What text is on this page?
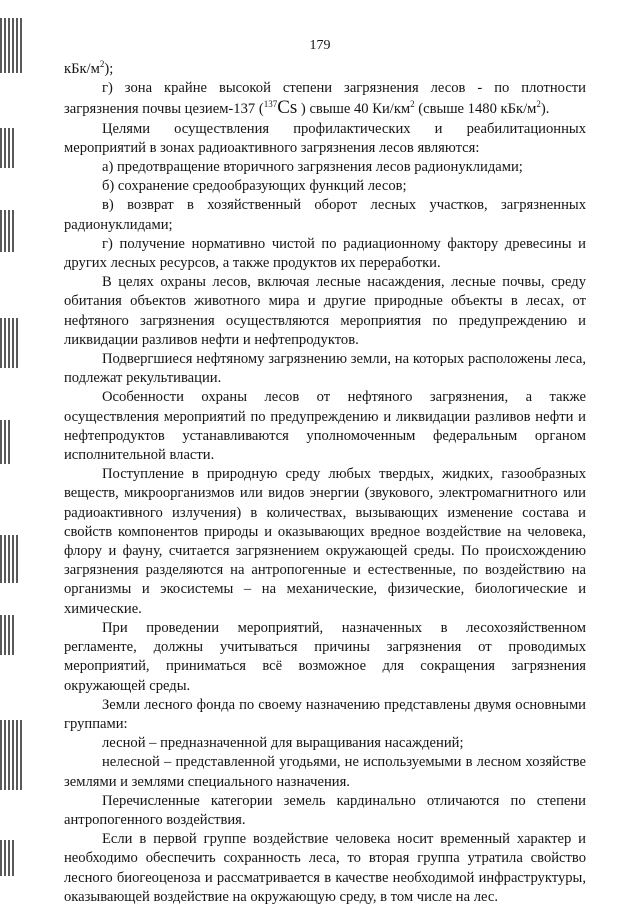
179

кБк/$м^2$);

г) зона крайне высокой степени загрязнения лесов - по плотности загрязнения почвы цезием-137 ($^{137}$Cs ) свыше 40 $Ки/км^2$ (свыше 1480 кБк/$м^2$).

Целями осуществления профилактических и реабилитационных мероприятий в зонах радиоактивного загрязнения лесов являются:

а) предотвращение вторичного загрязнения лесов радионуклидами;

б) сохранение средообразующих функций лесов;

в) возврат в хозяйственный оборот лесных участков, загрязненных радионуклидами;

г) получение нормативно чистой по радиационному фактору древесины и других лесных ресурсов, а также продуктов их переработки.

В целях охраны лесов, включая лесные насаждения, лесные почвы, среду обитания объектов животного мира и другие природные объекты в лесах, от нефтяного загрязнения осуществляются мероприятия по предупреждению и ликвидации разливов нефти и нефтепродуктов.

Подвергшиеся нефтяному загрязнению земли, на которых расположены леса, подлежат рекультивации.

Особенности охраны лесов от нефтяного загрязнения, а также осуществления мероприятий по предупреждению и ликвидации разливов нефти и нефтепродуктов устанавливаются уполномоченным федеральным органом исполнительной власти.

Поступление в природную среду любых твердых, жидких, газообразных веществ, микроорганизмов или видов энергии (звукового, электромагнитного или радиоактивного излучения) в количествах, вызывающих изменение состава и свойств компонентов природы и оказывающих вредное воздействие на человека, флору и фауну, считается загрязнением окружающей среды. По происхождению загрязнения разделяются на антропогенные и естественные, по воздействию на организмы и экосистемы – на механические, физические, биологические и химические.

При проведении мероприятий, назначенных в лесохозяйственном регламенте, должны учитываться причины загрязнения от проводимых мероприятий, приниматься всё возможное для сокращения загрязнения окружающей среды.

Земли лесного фонда по своему назначению представлены двумя основными группами:

лесной – предназначенной для выращивания насаждений;

нелесной – представленной угодьями, не используемыми в лесном хозяйстве землями и землями специального назначения.

Перечисленные категории земель кардинально отличаются по степени антропогенного воздействия.

Если в первой группе воздействие человека носит временный характер и необходимо обеспечить сохранность леса, то вторая группа утратила свойство лесного биогеоценоза и рассматривается в качестве необходимой инфраструктуры, оказывающей воздействие на окружающую среду, в том числе на лес.
